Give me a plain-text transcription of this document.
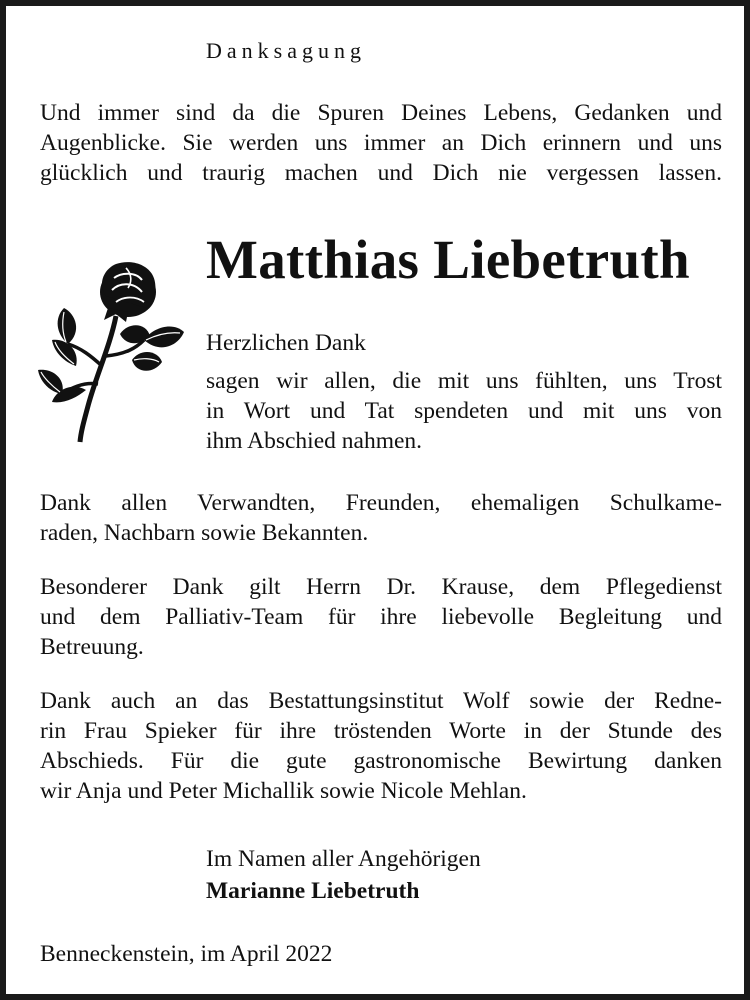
Danksagung
Und immer sind da die Spuren Deines Lebens, Gedanken und
Augenblicke. Sie werden uns immer an Dich erinnern und uns
glücklich und traurig machen und Dich nie vergessen lassen.
Matthias Liebetruth
Herzlichen Dank
sagen wir allen, die mit uns fühlten, uns Trost
in Wort und Tat spendeten und mit uns von
ihm Abschied nahmen.
Dank allen Verwandten, Freunden, ehemaligen Schulkame-
raden, Nachbarn sowie Bekannten.
Besonderer Dank gilt Herrn Dr. Krause, dem Pflegedienst
und dem Palliativ-Team für ihre liebevolle Begleitung und
Betreuung.
Dank auch an das Bestattungsinstitut Wolf sowie der Redne-
rin Frau Spieker für ihre tröstenden Worte in der Stunde des
Abschieds. Für die gute gastronomische Bewirtung danken
wir Anja und Peter Michallik sowie Nicole Mehlan.
Im Namen aller Angehörigen
Marianne Liebetruth
Benneckenstein, im April 2022
